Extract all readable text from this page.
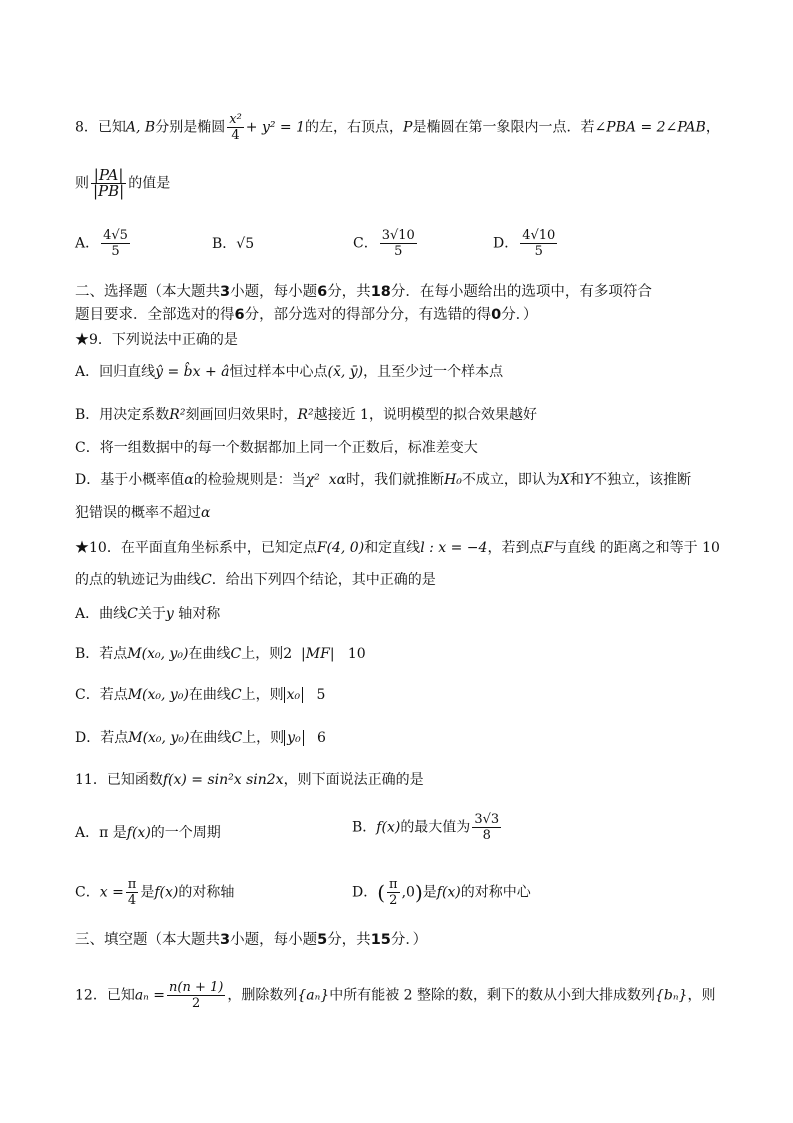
8．已知A, B分别是椭圆 $\frac{\text{x²}}{4} + y^2 = 1$的左，右顶点，P是椭圆在第一象限内一点．若∠PBA = 2∠PAB，
则 $\frac{|PA|}{|PB|}$ 的值是
A． $\frac{4√5}{5}$	B．√5	C． $\frac{3√10}{5}$	D． $\frac{4√10}{5}$
二、选择题（本大题共3小题，每小题6分，共18分．在每小题给出的选项中，有多项符合
题目要求．全部选对的得6分，部分选对的得部分分，有选错的得0分．）
★9．下列说法中正确的是
A．回归直线ŷ = b̂x + â恒过样本中心点(x̄, ȳ)，且至少过一个样本点
B．用决定系数R²刻画回归效果时，R²越接近 1，说明模型的拟合效果越好
C．将一组数据中的每一个数据都加上同一个正数后，标准差变大
D．基于小概率值α的检验规则是：当χ² xα时，我们就推断H₀不成立，即认为X和Y不独立，该推断
犯错误的概率不超过α
★10．在平面直角坐标系中，已知定点F(4, 0)和定直线l : x = −4，若到点F与直线 的距离之和等于 10
的点的轨迹记为曲线C．给出下列四个结论，其中正确的是
A．曲线C关于y 轴对称
B．若点M(x₀, y₀)在曲线C上，则2 |MF| 10
C．若点M(x₀, y₀)在曲线C上，则 x₀ 5
D．若点M(x₀, y₀)在曲线C上，则 y₀ 6
11．已知函数f(x) = sin²x sin2x，则下面说法正确的是
A．π 是f(x)的一个周期	B．f(x)的最大值为 $\frac{3√3}{8}$
C．$x = \frac{\pi}{4}$ 是f(x)的对称轴	D．( $\frac{\pi}{2} ,0$)是f(x)的对称中心
三、填空题（本大题共3小题，每小题5分，共15分．）
12．已知$a_n = \frac{n(n + 1)}{2}$ ，删除数列{aₙ}中所有能被 2 整除的数，剩下的数从小到大排成数列{bₙ}，则
